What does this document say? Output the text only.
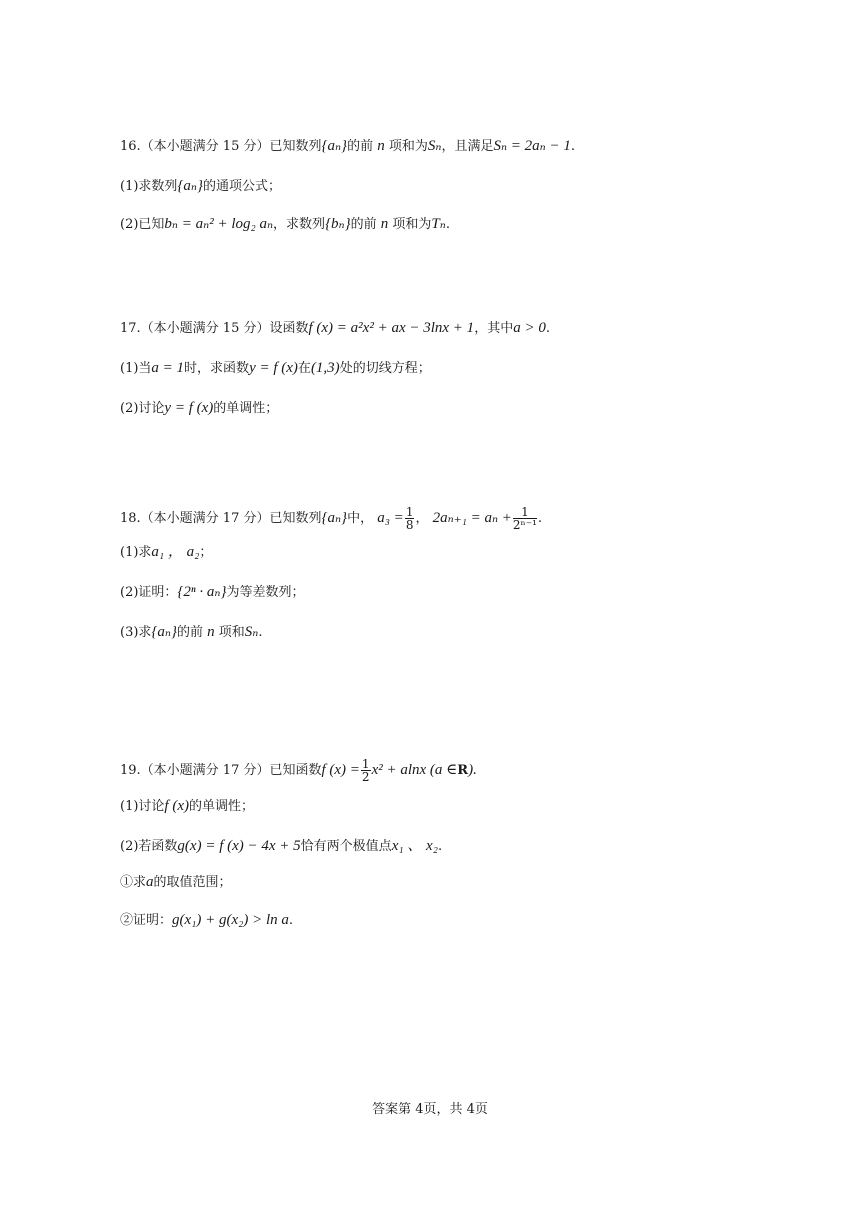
16.（本小题满分 15 分）已知数列{aₙ}的前 n 项和为Sₙ，且满足Sₙ = 2aₙ − 1.
(1)求数列{aₙ}的通项公式；
(2)已知bₙ = aₙ² + log₂ aₙ，求数列{bₙ}的前 n 项和为Tₙ.
17.（本小题满分 15 分）设函数f (x) = a²x² + ax − 3lnx + 1，其中a > 0.
(1)当a = 1时，求函数y = f (x)在(1,3)处的切线方程；
(2)讨论y = f (x)的单调性；
18.（本小题满分 17 分）已知数列{aₙ}中， $a_3 = \frac{1}{8}$ ， $2a_{n+1} = a_n + \frac{1}{\text{2ⁿ⁻¹}}$ .
(1)求a₁ ， a₂；
(2)证明：{2ⁿ · aₙ}为等差数列；
(3)求{aₙ}的前 n 项和Sₙ.
19.（本小题满分 17 分）已知函数f $(x) = \frac{1}{2} x^2 + alnx$ (a ∈R).
(1)讨论f (x)的单调性；
(2)若函数g(x) = f (x) − 4x + 5恰有两个极值点x₁ 、 x₂.
①求a的取值范围；
②证明：g(x₁) + g(x₂) > ln a.
答案第 4页，共 4页
